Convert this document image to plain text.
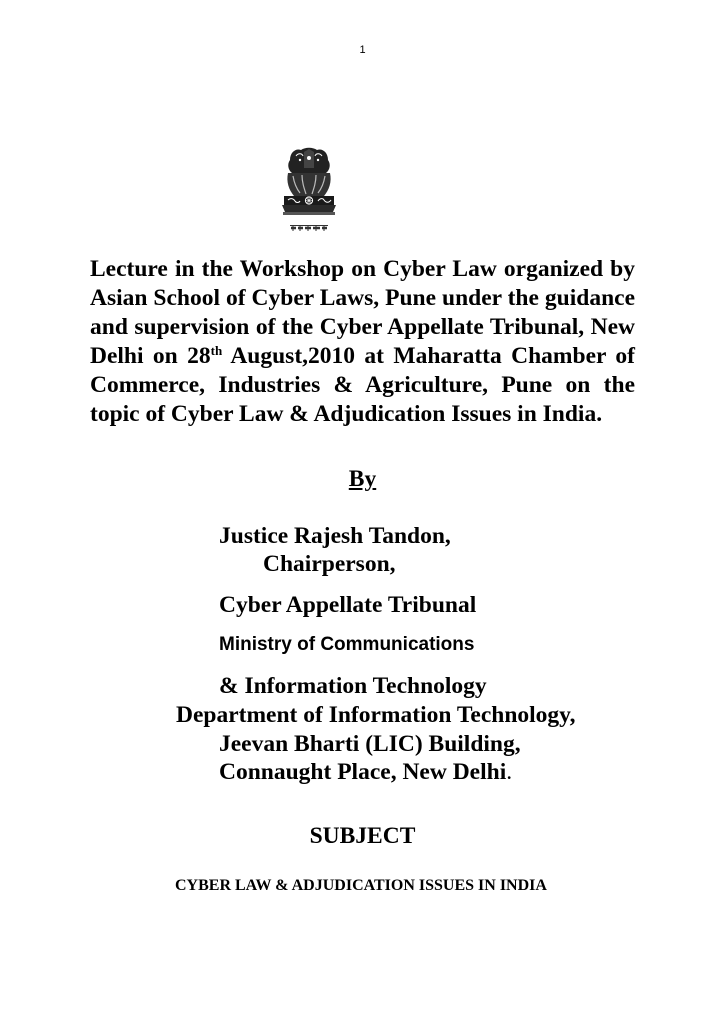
1

Lecture in the Workshop on Cyber Law organized by Asian School of Cyber Laws, Pune under the guidance and supervision of the Cyber Appellate Tribunal, New Delhi on 28th August,2010 at Maharatta Chamber of Commerce, Industries & Agriculture, Pune on the topic of Cyber Law & Adjudication Issues in India.

By
Justice Rajesh Tandon,
Chairperson,
Cyber Appellate Tribunal
Ministry of Communications
& Information Technology
Department of Information Technology,
Jeevan Bharti (LIC) Building,
Connaught Place, New Delhi.
SUBJECT
CYBER LAW & ADJUDICATION ISSUES IN INDIA
